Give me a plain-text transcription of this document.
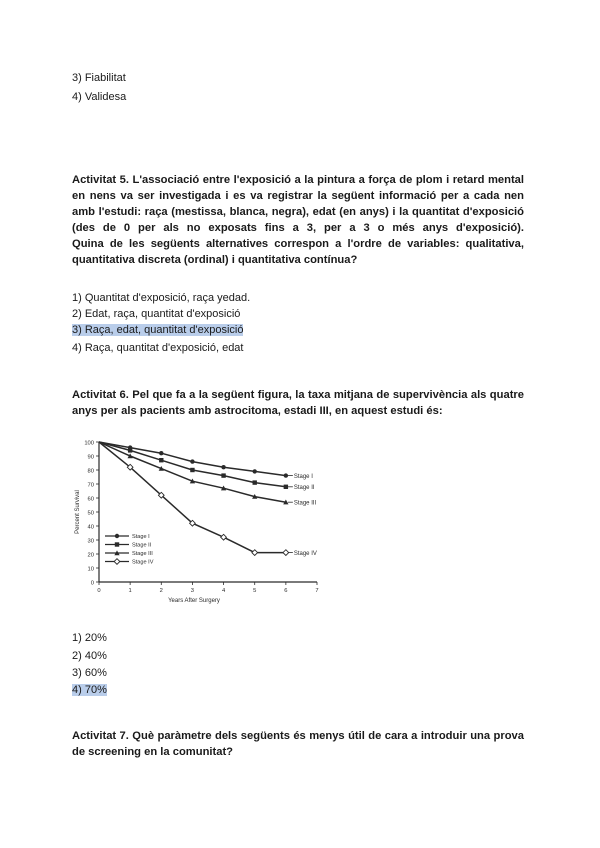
3) Fiabilitat
4) Validesa

Activitat 5. L'associació entre l'exposició a la pintura a força de plom i retard mental en nens va ser investigada i es va registrar la següent informació per a cada nen amb l'estudi: raça (mestissa, blanca, negra), edat (en anys) i la quantitat d'exposició (des de 0 per als no exposats fins a 3, per a 3 o més anys d'exposició).

Quina de les següents alternatives correspon a l'ordre de variables: qualitativa, quantitativa discreta (ordinal) i quantitativa contínua?

1) Quantitat d'exposició, raça yedad.
2) Edat, raça, quantitat d'exposició
3) Raça, edat, quantitat d'exposició
4) Raça, quantitat d'exposició, edat

Activitat 6. Pel que fa a la següent figura, la taxa mitjana de supervivència als quatre anys per als pacients amb astrocitoma, estadi III, en aquest estudi és:

0
10
20
30
40
50
60
70
80
90
100
0	1	2	3	4	5	6	7
Years After Surgery
Percent Survival
Stage I
Stage II
Stage III
Stage IV
Stage I
Stage II
Stage III
Stage IV
1) 20%
2) 40%
3) 60%
4) 70%

Activitat 7. Què paràmetre dels següents és menys útil de cara a introduir una prova de screening en la comunitat?
